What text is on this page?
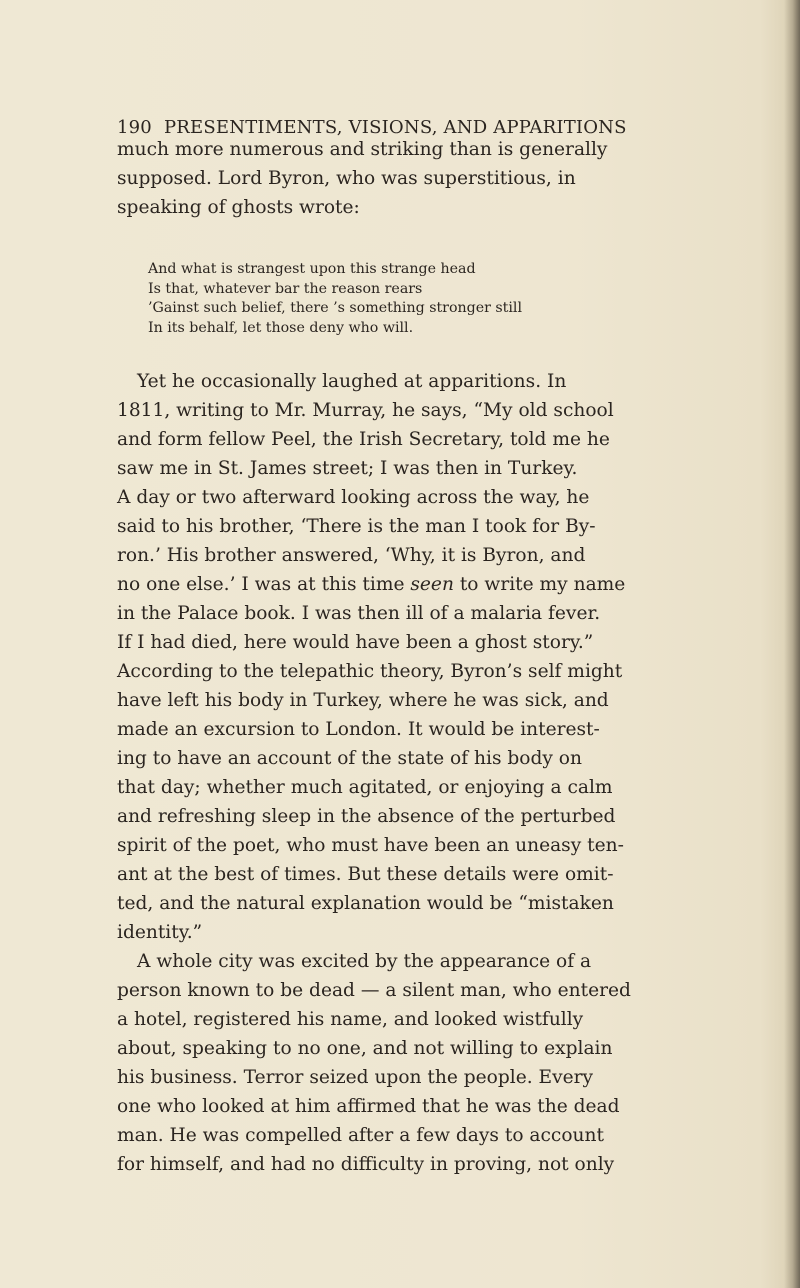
190 PRESENTIMENTS, VISIONS, AND APPARITIONS
much more numerous and striking than is generally
supposed. Lord Byron, who was superstitious, in
speaking of ghosts wrote:
And what is strangest upon this strange head
Is that, whatever bar the reason rears
’Gainst such belief, there ’s something stronger still
In its behalf, let those deny who will.
Yet he occasionally laughed at apparitions. In
1811, writing to Mr. Murray, he says, “My old school
and form fellow Peel, the Irish Secretary, told me he
saw me in St. James street; I was then in Turkey.
A day or two afterward looking across the way, he
said to his brother, ‘There is the man I took for By-
ron.’ His brother answered, ‘Why, it is Byron, and
no one else.’ I was at this time seen to write my name
in the Palace book. I was then ill of a malaria fever.
If I had died, here would have been a ghost story.”
According to the telepathic theory, Byron’s self might
have left his body in Turkey, where he was sick, and
made an excursion to London. It would be interest-
ing to have an account of the state of his body on
that day; whether much agitated, or enjoying a calm
and refreshing sleep in the absence of the perturbed
spirit of the poet, who must have been an uneasy ten-
ant at the best of times. But these details were omit-
ted, and the natural explanation would be “mistaken
identity.”
A whole city was excited by the appearance of a
person known to be dead — a silent man, who entered
a hotel, registered his name, and looked wistfully
about, speaking to no one, and not willing to explain
his business. Terror seized upon the people. Every
one who looked at him affirmed that he was the dead
man. He was compelled after a few days to account
for himself, and had no difficulty in proving, not only
